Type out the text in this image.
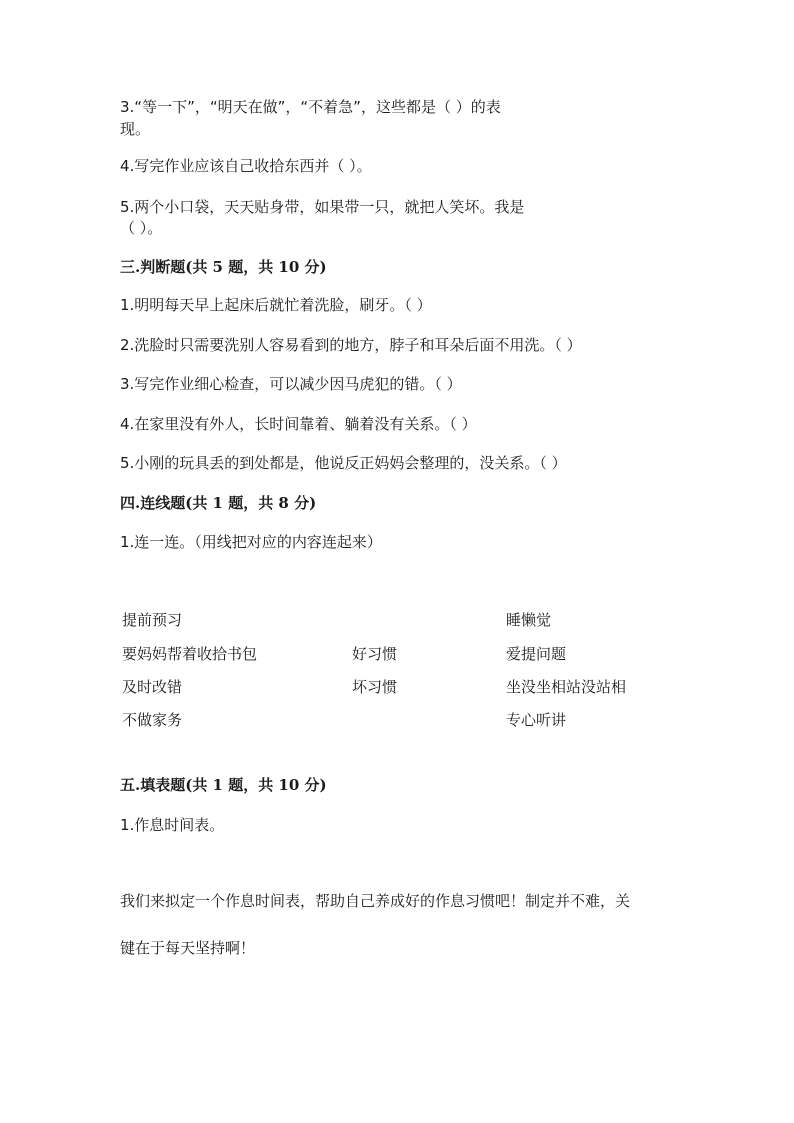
3.“等一下”，“明天在做”，“不着急”，这些都是（ ）的表
现。
4.写完作业应该自己收拾东西并（ ）。
5.两个小口袋，天天贴身带，如果带一只，就把人笑坏。我是
（ ）。
三.判断题(共 5 题，共 10 分)
1.明明每天早上起床后就忙着洗脸，刷牙。（ ）
2.洗脸时只需要洗别人容易看到的地方，脖子和耳朵后面不用洗。（ ）
3.写完作业细心检查，可以减少因马虎犯的错。（ ）
4.在家里没有外人，长时间靠着、躺着没有关系。（ ）
5.小刚的玩具丢的到处都是，他说反正妈妈会整理的，没关系。（ ）
四.连线题(共 1 题，共 8 分)
1.连一连。（用线把对应的内容连起来）
提前预习
要妈妈帮着收拾书包
及时改错
不做家务
好习惯
坏习惯
睡懒觉
爱提问题
坐没坐相站没站相
专心听讲
五.填表题(共 1 题，共 10 分)
1.作息时间表。
我们来拟定一个作息时间表，帮助自己养成好的作息习惯吧！制定并不难，关
键在于每天坚持啊！
